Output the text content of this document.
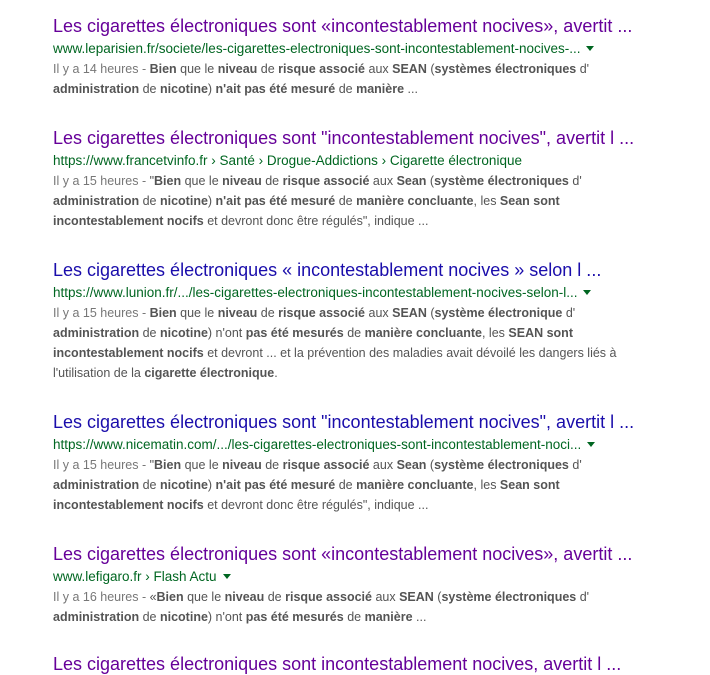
Les cigarettes électroniques sont «incontestablement nocives», avertit ...
www.leparisien.fr/societe/les-cigarettes-electroniques-sont-incontestablement-nocives-...
Il y a 14 heures - Bien que le niveau de risque associé aux SEAN (systèmes électroniques d'
administration de nicotine) n'ait pas été mesuré de manière ...
Les cigarettes électroniques sont "incontestablement nocives", avertit l ...
https://www.francetvinfo.fr › Santé › Drogue-Addictions › Cigarette électronique
Il y a 15 heures - "Bien que le niveau de risque associé aux Sean (système électroniques d'
administration de nicotine) n'ait pas été mesuré de manière concluante, les Sean sont
incontestablement nocifs et devront donc être régulés", indique ...
Les cigarettes électroniques « incontestablement nocives » selon l ...
https://www.lunion.fr/.../les-cigarettes-electroniques-incontestablement-nocives-selon-l...
Il y a 15 heures - Bien que le niveau de risque associé aux SEAN (système électronique d'
administration de nicotine) n'ont pas été mesurés de manière concluante, les SEAN sont
incontestablement nocifs et devront ... et la prévention des maladies avait dévoilé les dangers liés à
l'utilisation de la cigarette électronique.
Les cigarettes électroniques sont "incontestablement nocives", avertit l ...
https://www.nicematin.com/.../les-cigarettes-electroniques-sont-incontestablement-noci...
Il y a 15 heures - "Bien que le niveau de risque associé aux Sean (système électroniques d'
administration de nicotine) n'ait pas été mesuré de manière concluante, les Sean sont
incontestablement nocifs et devront donc être régulés", indique ...
Les cigarettes électroniques sont «incontestablement nocives», avertit ...
www.lefigaro.fr › Flash Actu
Il y a 16 heures - «Bien que le niveau de risque associé aux SEAN (système électroniques d'
administration de nicotine) n'ont pas été mesurés de manière ...
Les cigarettes électroniques sont incontestablement nocives, avertit l ...
